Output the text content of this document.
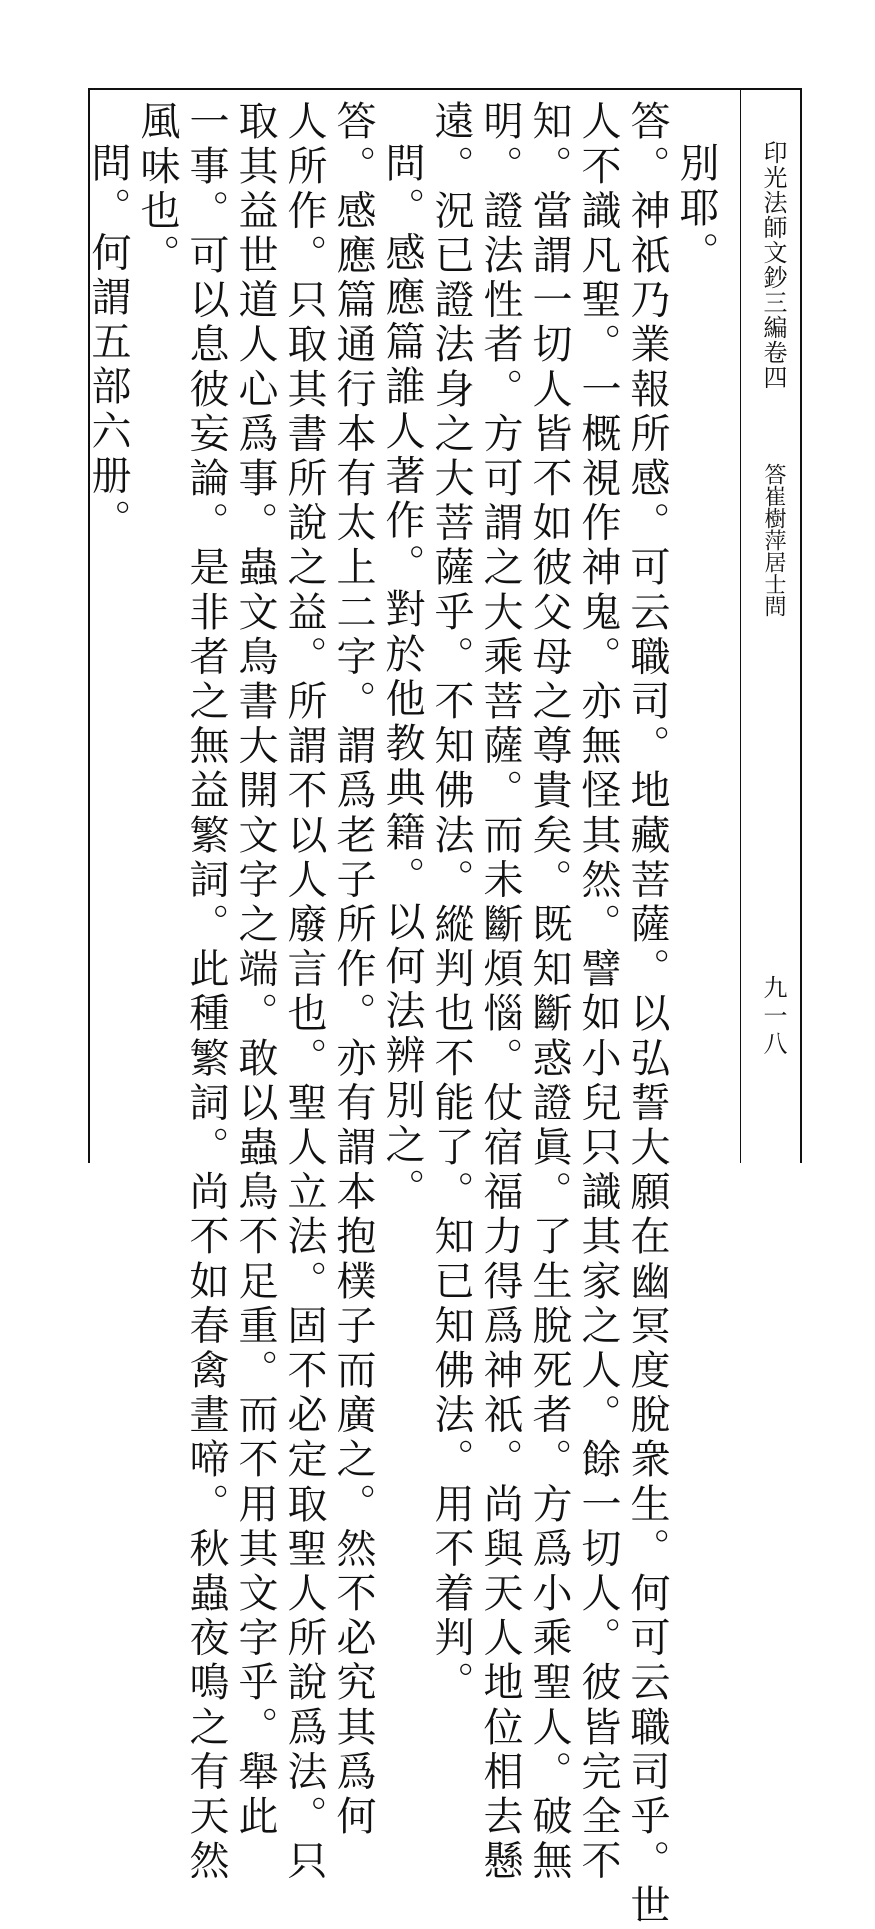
別耶。
答。神祇乃業報所感。可云職司。地藏菩薩。以弘誓大願在幽冥度脫衆生。何可云職司乎。世
人不識凡聖。一概視作神鬼。亦無怪其然。譬如小兒只識其家之人。餘一切人。彼皆完全不
知。當謂一切人皆不如彼父母之尊貴矣。既知斷惑證眞。了生脫死者。方爲小乘聖人。破無
明。證法性者。方可謂之大乘菩薩。而未斷煩惱。仗宿福力得爲神祇。尚與天人地位相去懸
遠。況已證法身之大菩薩乎。不知佛法。縱判也不能了。知已知佛法。用不着判。
問。感應篇誰人著作。對於他教典籍。以何法辨別之。
答。感應篇通行本有太上二字。謂爲老子所作。亦有謂本抱樸子而廣之。然不必究其爲何
人所作。只取其書所說之益。所謂不以人廢言也。聖人立法。固不必定取聖人所說爲法。只
取其益世道人心爲事。蟲文鳥書大開文字之端。敢以蟲鳥不足重。而不用其文字乎。舉此
一事。可以息彼妄論。是非者之無益繁詞。此種繁詞。尚不如春禽晝啼。秋蟲夜鳴之有天然
風味也。
問。何謂五部六册。	印光法師文鈔三編卷四
答崔樹萍居士問
九一八
